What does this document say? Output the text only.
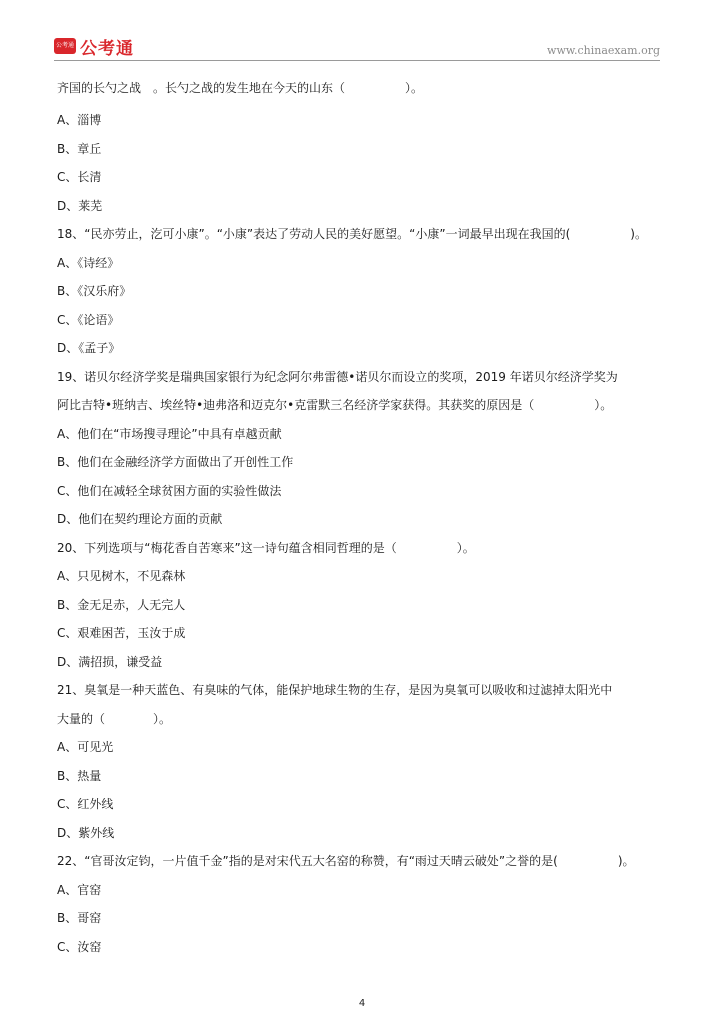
公考通 公考通	www.chinaexam.org
齐国的长勺之战　。长勺之战的发生地在今天的山东（　　　　　）。
A、淄博
B、章丘
C、长清
D、莱芜
18、“民亦劳止，汔可小康”。“小康”表达了劳动人民的美好愿望。“小康”一词最早出现在我国的(　　　　　)。
A、《诗经》
B、《汉乐府》
C、《论语》
D、《孟子》
19、诺贝尔经济学奖是瑞典国家银行为纪念阿尔弗雷德•诺贝尔而设立的奖项，2019 年诺贝尔经济学奖为
阿比吉特•班纳吉、埃丝特•迪弗洛和迈克尔•克雷默三名经济学家获得。其获奖的原因是（　　　　　）。
A、他们在“市场搜寻理论”中具有卓越贡献
B、他们在金融经济学方面做出了开创性工作
C、他们在减轻全球贫困方面的实验性做法
D、他们在契约理论方面的贡献
20、下列选项与“梅花香自苦寒来”这一诗句蕴含相同哲理的是（　　　　　）。
A、只见树木，不见森林
B、金无足赤，人无完人
C、艰难困苦，玉汝于成
D、满招损，谦受益
21、臭氧是一种天蓝色、有臭味的气体，能保护地球生物的生存，是因为臭氧可以吸收和过滤掉太阳光中
大量的（　　　　）。
A、可见光
B、热量
C、红外线
D、紫外线
22、“官哥汝定钧，一片值千金”指的是对宋代五大名窑的称赞，有“雨过天晴云破处”之誉的是(　　　　　)。
A、官窑
B、哥窑
C、汝窑
4
